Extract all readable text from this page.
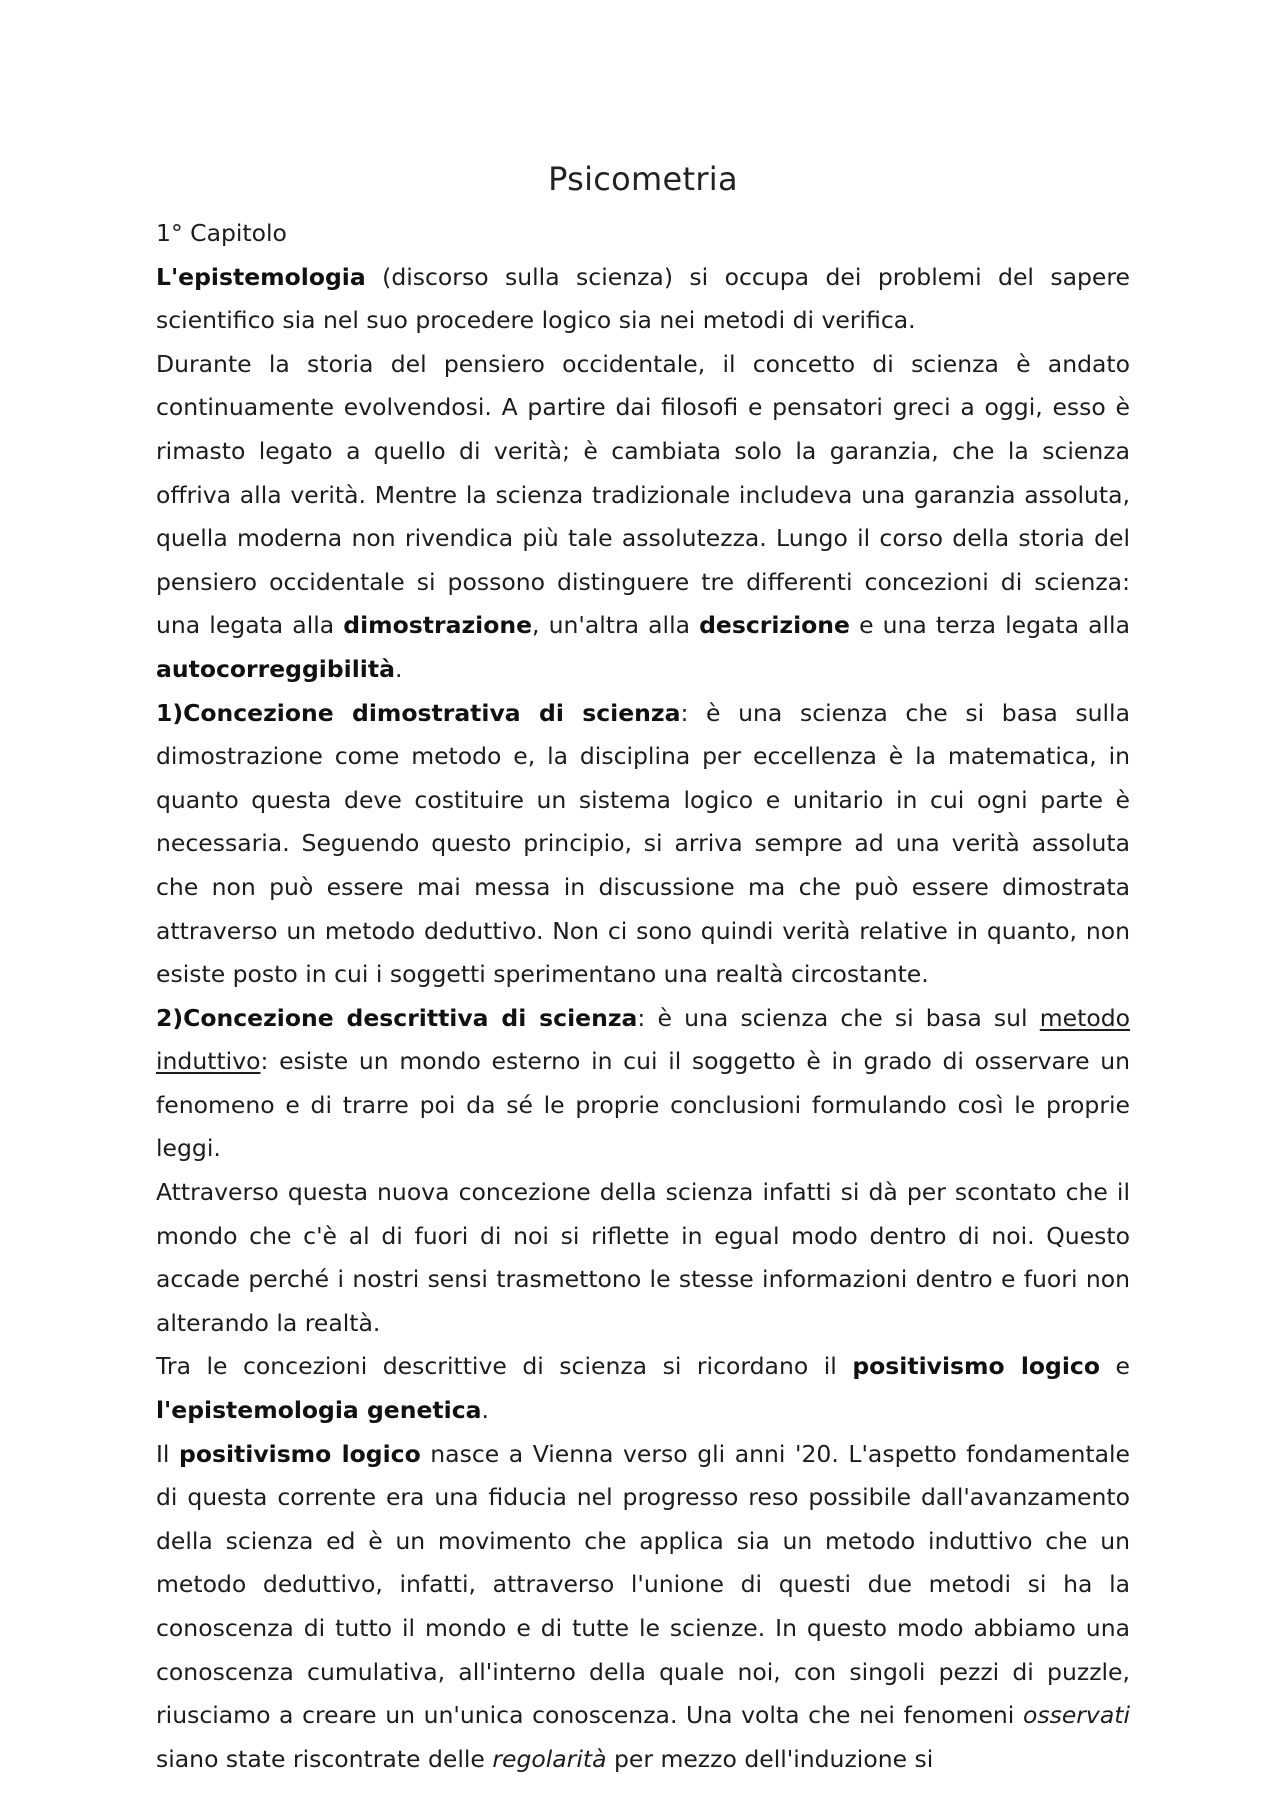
Psicometria

1° Capitolo

L'epistemologia (discorso sulla scienza) si occupa dei problemi del sapere scientifico sia nel suo procedere logico sia nei metodi di verifica.

Durante la storia del pensiero occidentale, il concetto di scienza è andato continuamente evolvendosi. A partire dai filosofi e pensatori greci a oggi, esso è rimasto legato a quello di verità; è cambiata solo la garanzia, che la scienza offriva alla verità. Mentre la scienza tradizionale includeva una garanzia assoluta, quella moderna non rivendica più tale assolutezza. Lungo il corso della storia del pensiero occidentale si possono distinguere tre differenti concezioni di scienza: una legata alla dimostrazione, un'altra alla descrizione e una terza legata alla autocorreggibilità.

1)Concezione dimostrativa di scienza: è una scienza che si basa sulla dimostrazione come metodo e, la disciplina per eccellenza è la matematica, in quanto questa deve costituire un sistema logico e unitario in cui ogni parte è necessaria. Seguendo questo principio, si arriva sempre ad una verità assoluta che non può essere mai messa in discussione ma che può essere dimostrata attraverso un metodo deduttivo. Non ci sono quindi verità relative in quanto, non esiste posto in cui i soggetti sperimentano una realtà circostante.

2)Concezione descrittiva di scienza: è una scienza che si basa sul metodo induttivo: esiste un mondo esterno in cui il soggetto è in grado di osservare un fenomeno e di trarre poi da sé le proprie conclusioni formulando così le proprie leggi.

Attraverso questa nuova concezione della scienza infatti si dà per scontato che il mondo che c'è al di fuori di noi si riflette in egual modo dentro di noi. Questo accade perché i nostri sensi trasmettono le stesse informazioni dentro e fuori non alterando la realtà.

Tra le concezioni descrittive di scienza si ricordano il positivismo logico e l'epistemologia genetica.

Il positivismo logico nasce a Vienna verso gli anni '20. L'aspetto fondamentale di questa corrente era una fiducia nel progresso reso possibile dall'avanzamento della scienza ed è un movimento che applica sia un metodo induttivo che un metodo deduttivo, infatti, attraverso l'unione di questi due metodi si ha la conoscenza di tutto il mondo e di tutte le scienze. In questo modo abbiamo una conoscenza cumulativa, all'interno della quale noi, con singoli pezzi di puzzle, riusciamo a creare un un'unica conoscenza. Una volta che nei fenomeni osservati siano state riscontrate delle regolarità per mezzo dell'induzione si
